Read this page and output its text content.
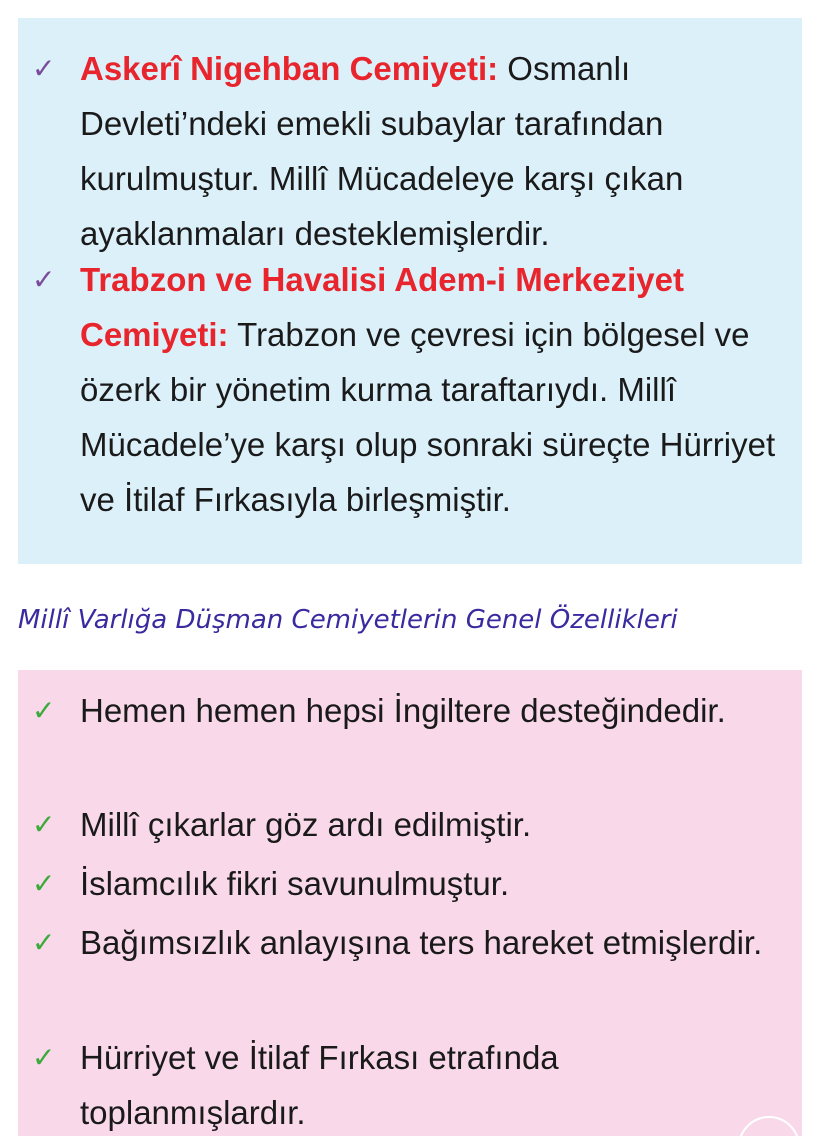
✓ Askerî Nigehban Cemiyeti: Osmanlı Devleti’ndeki emekli subaylar tarafından kurulmuştur. Millî Mücadeleye karşı çıkan ayaklanmaları desteklemişlerdir.
✓ Trabzon ve Havalisi Adem-i Merkeziyet Cemiyeti: Trabzon ve çevresi için bölgesel ve özerk bir yönetim kurma taraftarıydı. Millî Mücadele’ye karşı olup sonraki süreçte Hürriyet ve İtilaf Fırkasıyla birleşmiştir.
Millî Varlığa Düşman Cemiyetlerin Genel Özellikleri
✓ Hemen hemen hepsi İngiltere desteğindedir.
✓ Millî çıkarlar göz ardı edilmiştir.
✓ İslamcılık fikri savunulmuştur.
✓ Bağımsızlık anlayışına ters hareket etmişlerdir.
✓ Hürriyet ve İtilaf Fırkası etrafında toplanmışlardır.
